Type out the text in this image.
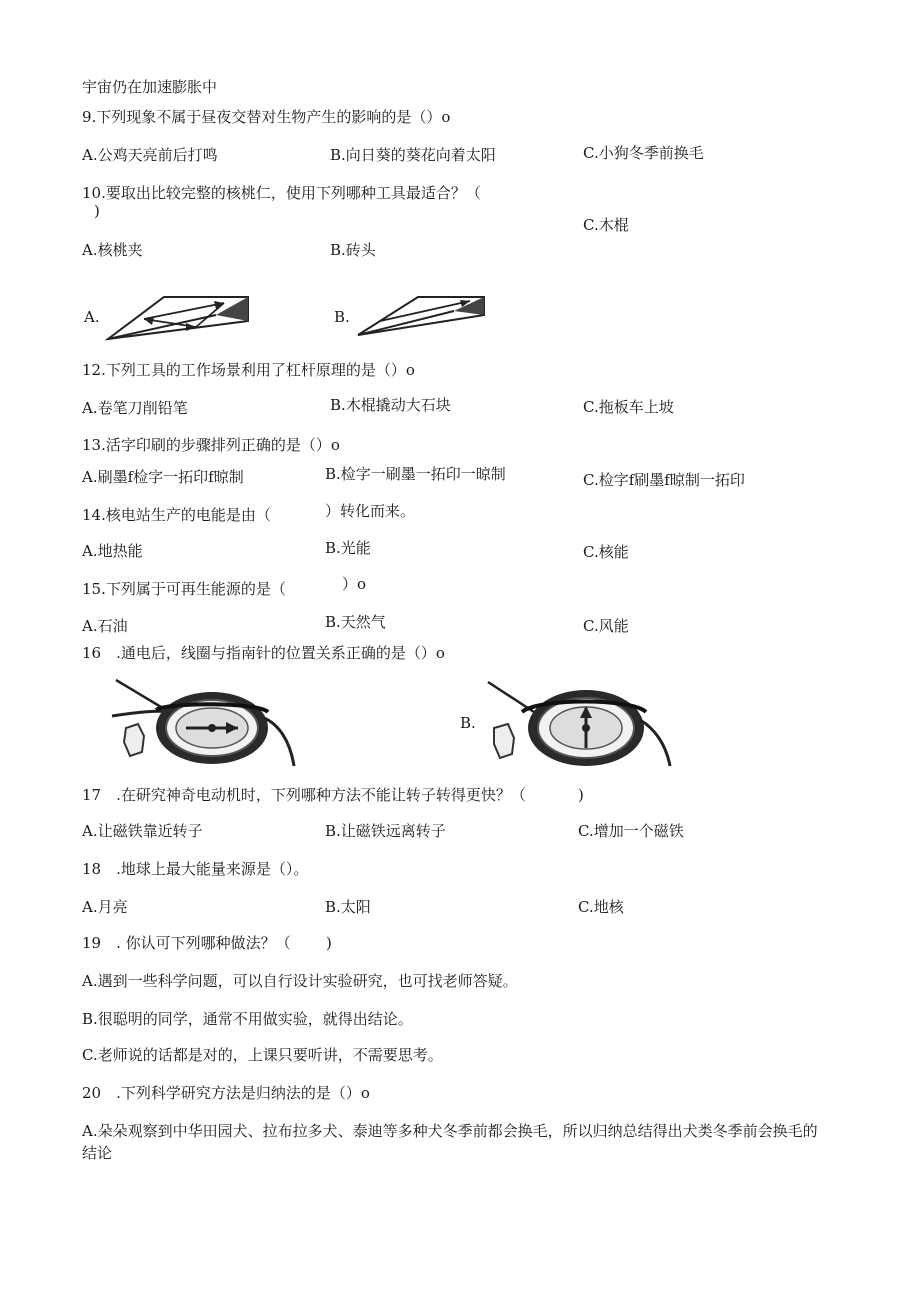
宇宙仍在加速膨胀中
9.下列现象不属于昼夜交替对生物产生的影响的是（）o
A.公鸡天亮前后打鸣	B.向日葵的葵花向着太阳	C.小狗冬季前换毛
10.要取出比较完整的核桃仁，使用下列哪种工具最适合？（
)
C.木棍
A.核桃夹	B.砖头
A.	B.
12.下列工具的工作场景利用了杠杆原理的是（）o
A.卷笔刀削铅笔	B.木棍撬动大石块	C.拖板车上坡
13.活字印刷的步骤排列正确的是（）o
A.刷墨f检字一拓印f晾制	B.检字一刷墨一拓印一晾制	C.检字f刷墨f晾制一拓印
14.核电站生产的电能是由（	）转化而来。
A.地热能	B.光能	C.核能
15.下列属于可再生能源的是（	）o
A.石油	B.天然气	C.风能
16　.通电后，线圈与指南针的位置关系正确的是（）o
B.
17　.在研究神奇电动机时，下列哪种方法不能让转子转得更快？（	)
A.让磁铁靠近转子	B.让磁铁远离转子	C.增加一个磁铁
18　.地球上最大能量来源是（）。
A.月亮	B.太阳	C.地核
19　. 你认可下列哪种做法？（ )
A.遇到一些科学问题，可以自行设计实验研究，也可找老师答疑。
B.很聪明的同学，通常不用做实验，就得出结论。
C.老师说的话都是对的，上课只要听讲，不需要思考。
20　.下列科学研究方法是归纳法的是（）o
A.朵朵观察到中华田园犬、拉布拉多犬、泰迪等多种犬冬季前都会换毛，所以归纳总结得出犬类冬季前会换毛的
结论
